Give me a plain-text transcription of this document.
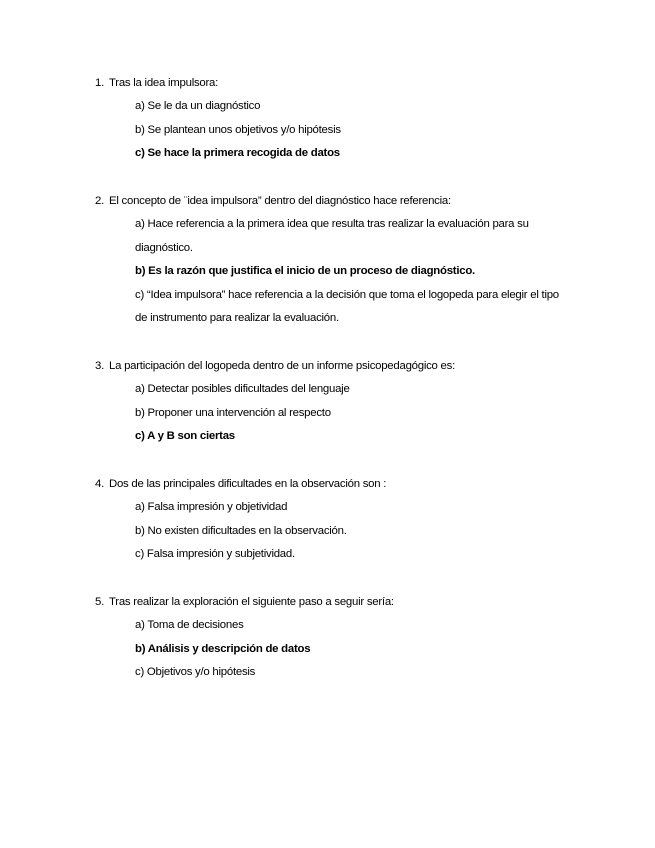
1. Tras la idea impulsora:
a) Se le da un diagnóstico
b) Se plantean unos objetivos y/o hipótesis
c) Se hace la primera recogida de datos
2. El concepto de ¨idea impulsora” dentro del diagnóstico hace referencia:
a) Hace referencia a la primera idea que resulta tras realizar la evaluación para su diagnóstico.
b) Es la razón que justifica el inicio de un proceso de diagnóstico.
c) “Idea impulsora” hace referencia a la decisión que toma el logopeda para elegir el tipo de instrumento para realizar la evaluación.
3. La participación del logopeda dentro de un informe psicopedagógico es:
a) Detectar posibles dificultades del lenguaje
b) Proponer una intervención al respecto
c) A y B son ciertas
4. Dos de las principales dificultades en la observación son :
a) Falsa impresión y objetividad
b) No existen dificultades en la observación.
c) Falsa impresión y subjetividad.
5. Tras realizar la exploración el siguiente paso a seguir sería:
a) Toma de decisiones
b) Análisis y descripción de datos
c) Objetivos y/o hipótesis
